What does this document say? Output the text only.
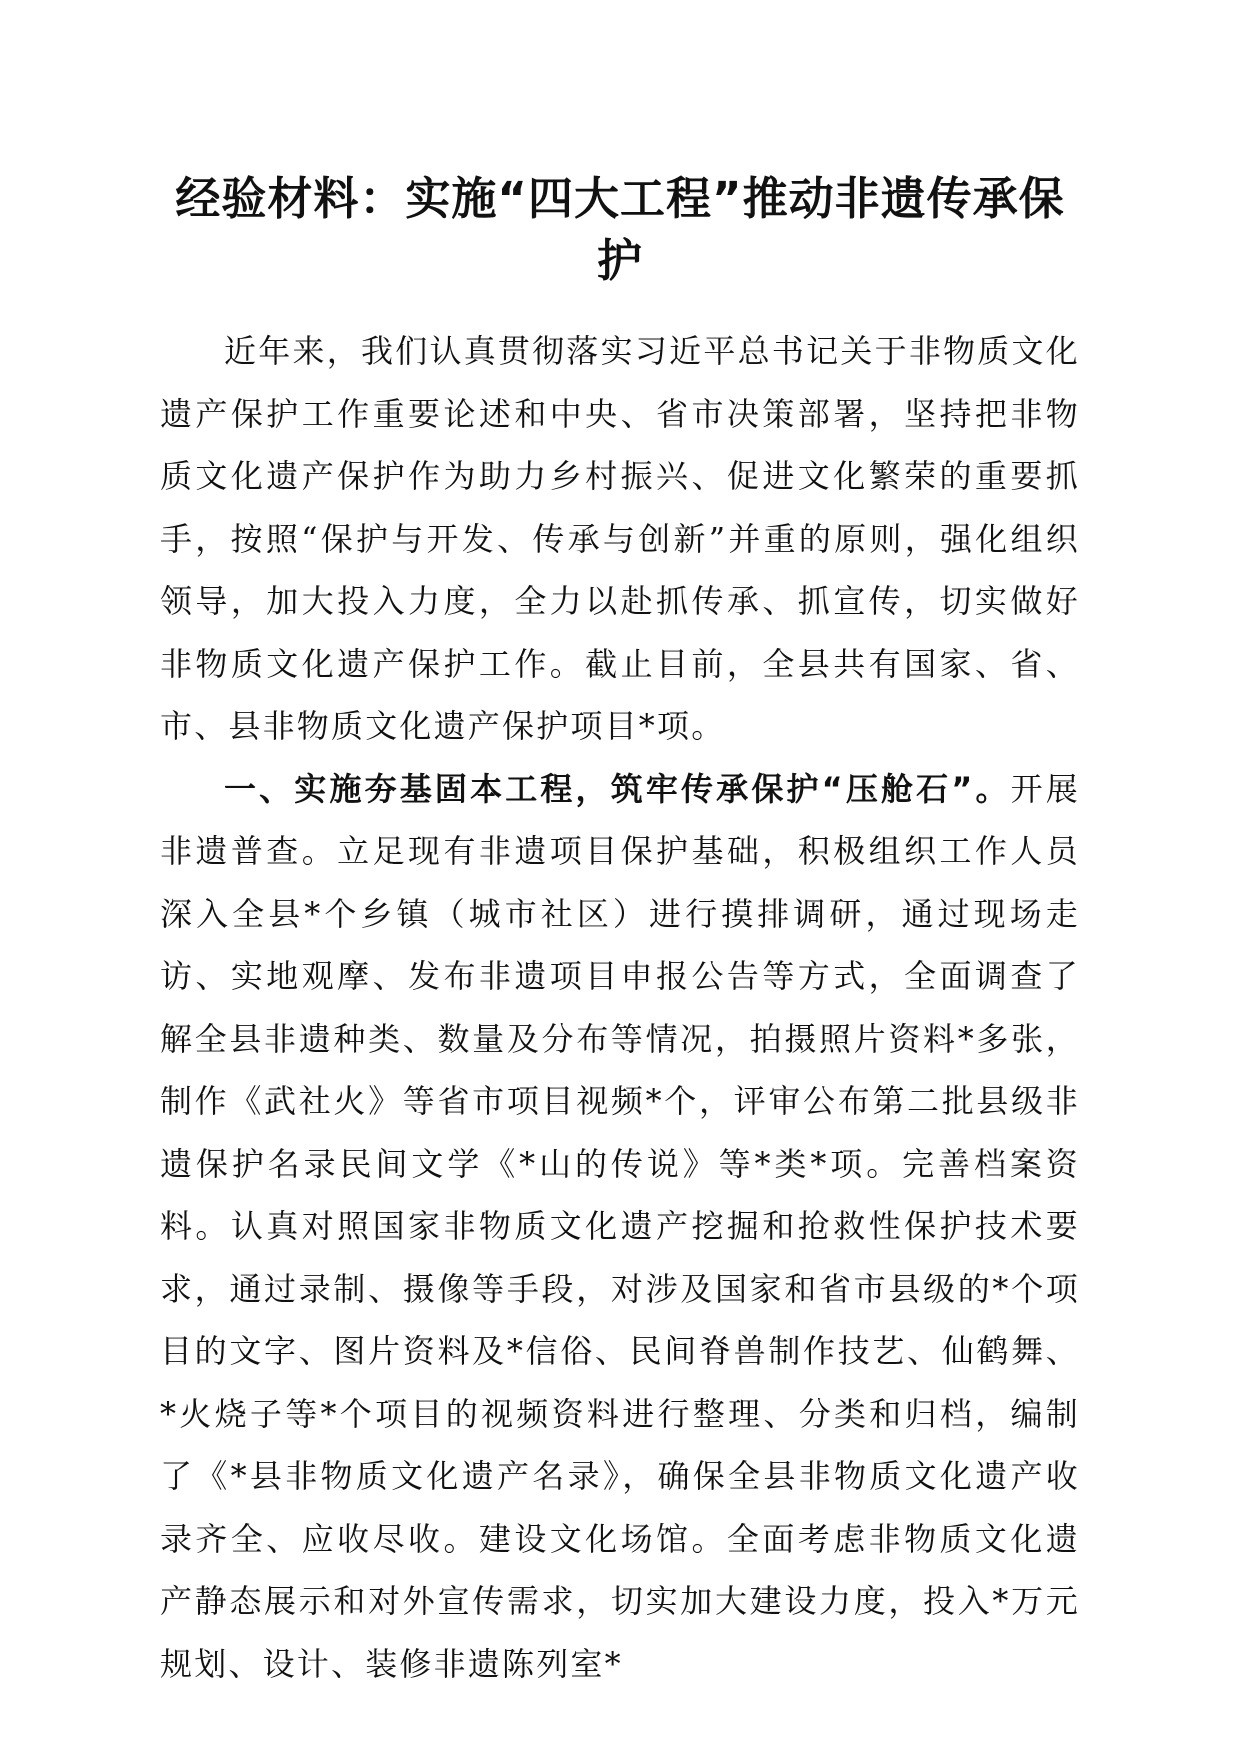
经验材料：实施“四大工程”推动非遗传承保
护

近年来，我们认真贯彻落实习近平总书记关于非物质文化遗产保护工作重要论述和中央、省市决策部署，坚持把非物质文化遗产保护作为助力乡村振兴、促进文化繁荣的重要抓手，按照“保护与开发、传承与创新”并重的原则，强化组织领导，加大投入力度，全力以赴抓传承、抓宣传，切实做好非物质文化遗产保护工作。截止目前，全县共有国家、省、市、县非物质文化遗产保护项目*项。

一、实施夯基固本工程，筑牢传承保护“压舱石”。开展非遗普查。立足现有非遗项目保护基础，积极组织工作人员深入全县*个乡镇（城市社区）进行摸排调研，通过现场走访、实地观摩、发布非遗项目申报公告等方式，全面调查了解全县非遗种类、数量及分布等情况，拍摄照片资料*多张，制作《武社火》等省市项目视频*个，评审公布第二批县级非遗保护名录民间文学《*山的传说》等*类*项。完善档案资料。认真对照国家非物质文化遗产挖掘和抢救性保护技术要求，通过录制、摄像等手段，对涉及国家和省市县级的*个项目的文字、图片资料及*信俗、民间脊兽制作技艺、仙鹤舞、*火烧子等*个项目的视频资料进行整理、分类和归档，编制了《*县非物质文化遗产名录》，确保全县非物质文化遗产收录齐全、应收尽收。建设文化场馆。全面考虑非物质文化遗产静态展示和对外宣传需求，切实加大建设力度，投入*万元规划、设计、装修非遗陈列室*
